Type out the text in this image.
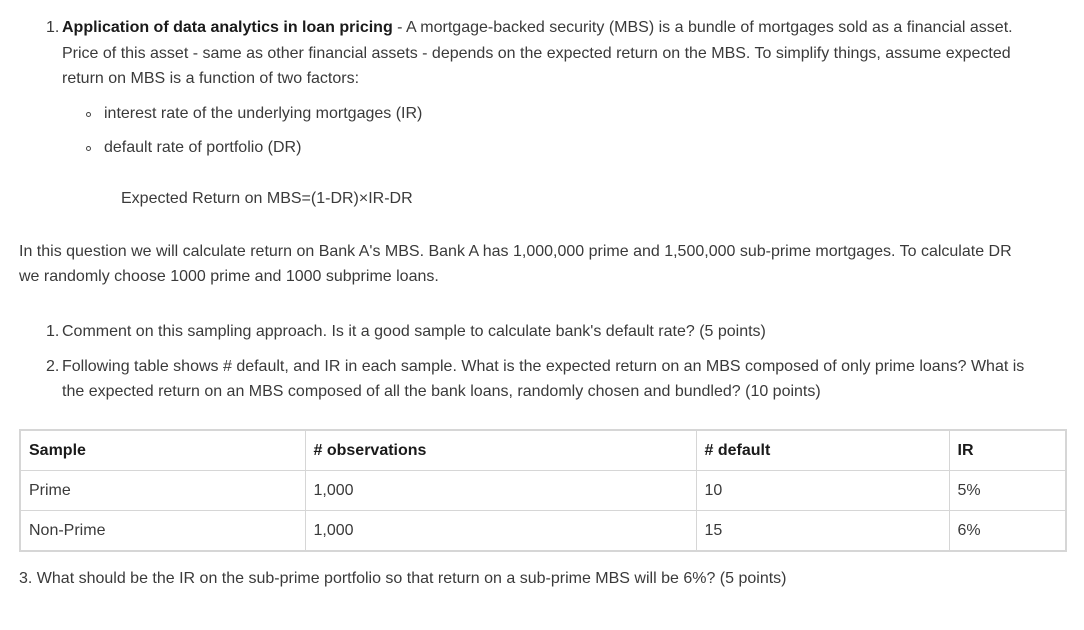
1. Application of data analytics in loan pricing - A mortgage-backed security (MBS) is a bundle of mortgages sold as a financial asset.
Price of this asset - same as other financial assets - depends on the expected return on the MBS. To simplify things, assume expected
return on MBS is a function of two factors:
interest rate of the underlying mortgages (IR)
default rate of portfolio (DR)
Expected Return on MBS=(1-DR)×IR-DR
In this question we will calculate return on Bank A's MBS. Bank A has 1,000,000 prime and 1,500,000 sub-prime mortgages. To calculate DR
we randomly choose 1000 prime and 1000 subprime loans.
1. Comment on this sampling approach. Is it a good sample to calculate bank's default rate? (5 points)
2. Following table shows # default, and IR in each sample. What is the expected return on an MBS composed of only prime loans? What is
the expected return on an MBS composed of all the bank loans, randomly chosen and bundled? (10 points)
Sample	# observations	# default	IR
Prime	1,000	10	5%
Non-Prime	1,000	15	6%
3. What should be the IR on the sub-prime portfolio so that return on a sub-prime MBS will be 6%? (5 points)
